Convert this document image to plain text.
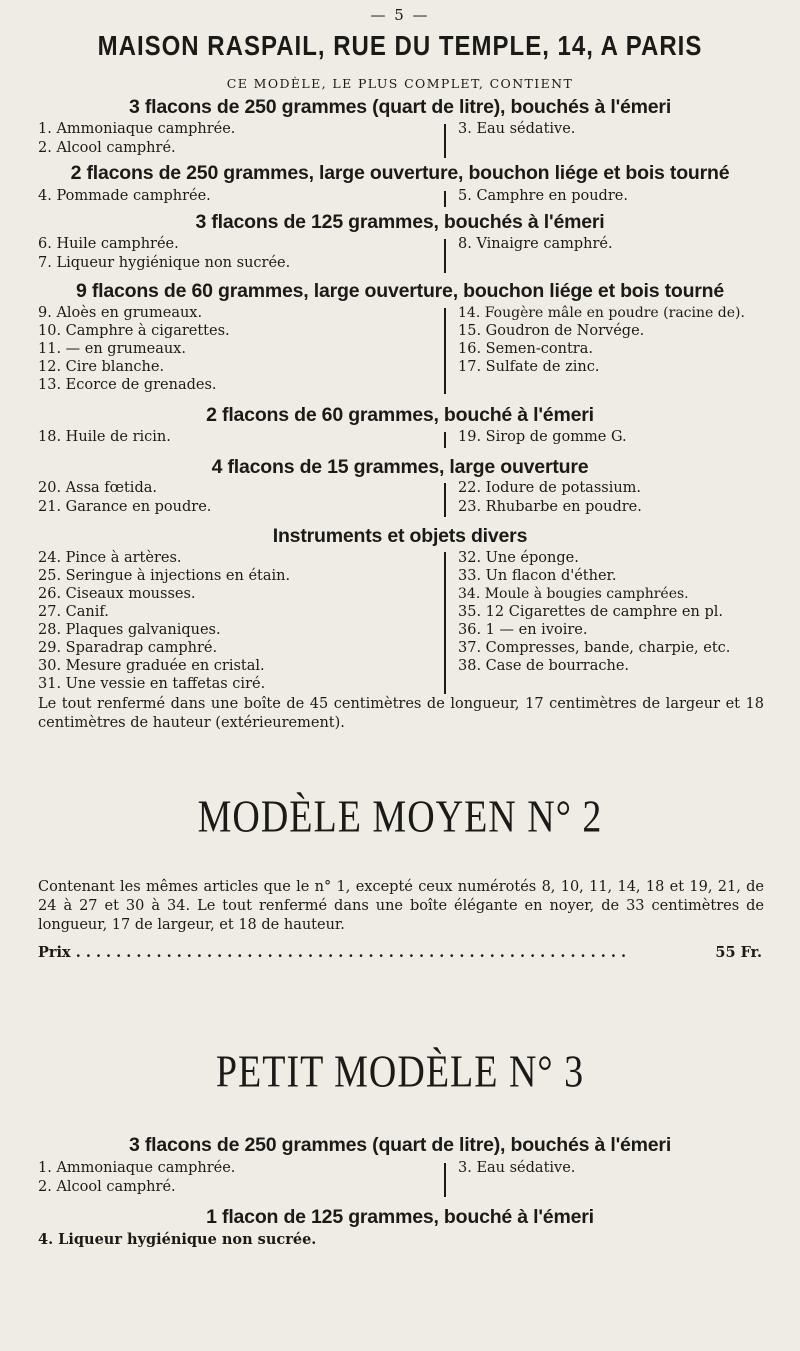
— 5 —
MAISON RASPAIL, RUE DU TEMPLE, 14, A PARIS
CE MODÈLE, LE PLUS COMPLET, CONTIENT
3 flacons de 250 grammes (quart de litre), bouchés à l'émeri
1. Ammoniaque camphrée.
2. Alcool camphré.
3. Eau sédative.
2 flacons de 250 grammes, large ouverture, bouchon liége et bois tourné
4. Pommade camphrée.	5. Camphre en poudre.
3 flacons de 125 grammes, bouchés à l'émeri
6. Huile camphrée.
7. Liqueur hygiénique non sucrée.
8. Vinaigre camphré.
9 flacons de 60 grammes, large ouverture, bouchon liége et bois tourné
9. Aloès en grumeaux.
10. Camphre à cigarettes.
11. — en grumeaux.
12. Cire blanche.
13. Ecorce de grenades.
14. Fougère mâle en poudre (racine de).
15. Goudron de Norvége.
16. Semen-contra.
17. Sulfate de zinc.
2 flacons de 60 grammes, bouché à l'émeri
18. Huile de ricin.	19. Sirop de gomme G.
4 flacons de 15 grammes, large ouverture
20. Assa fœtida.
21. Garance en poudre.
22. Iodure de potassium.
23. Rhubarbe en poudre.
Instruments et objets divers
24. Pince à artères.
25. Seringue à injections en étain.
26. Ciseaux mousses.
27. Canif.
28. Plaques galvaniques.
29. Sparadrap camphré.
30. Mesure graduée en cristal.
31. Une vessie en taffetas ciré.
32. Une éponge.
33. Un flacon d'éther.
34. Moule à bougies camphrées.
35. 12 Cigarettes de camphre en pl.
36. 1 — en ivoire.
37. Compresses, bande, charpie, etc.
38. Case de bourrache.
Le tout renfermé dans une boîte de 45 centimètres de longueur, 17 centimètres de largeur et 18 centimètres de hauteur (extérieurement).
MODÈLE MOYEN N° 2
Contenant les mêmes articles que le n° 1, excepté ceux numérotés 8, 10, 11, 14, 18 et 19, 21, de 24 à 27 et 30 à 34. Le tout renfermé dans une boîte élégante en noyer, de 33 centimètres de longueur, 17 de largeur, et 18 de hauteur.
Prix . . . . . . . . . . . . . . . . . . . . . . . . . . . . . . . . . . . . . . . . . . . . . . . . . . . . . . .	55 Fr.
PETIT MODÈLE N° 3
3 flacons de 250 grammes (quart de litre), bouchés à l'émeri
1. Ammoniaque camphrée.
2. Alcool camphré.
3. Eau sédative.
1 flacon de 125 grammes, bouché à l'émeri
4. Liqueur hygiénique non sucrée.
